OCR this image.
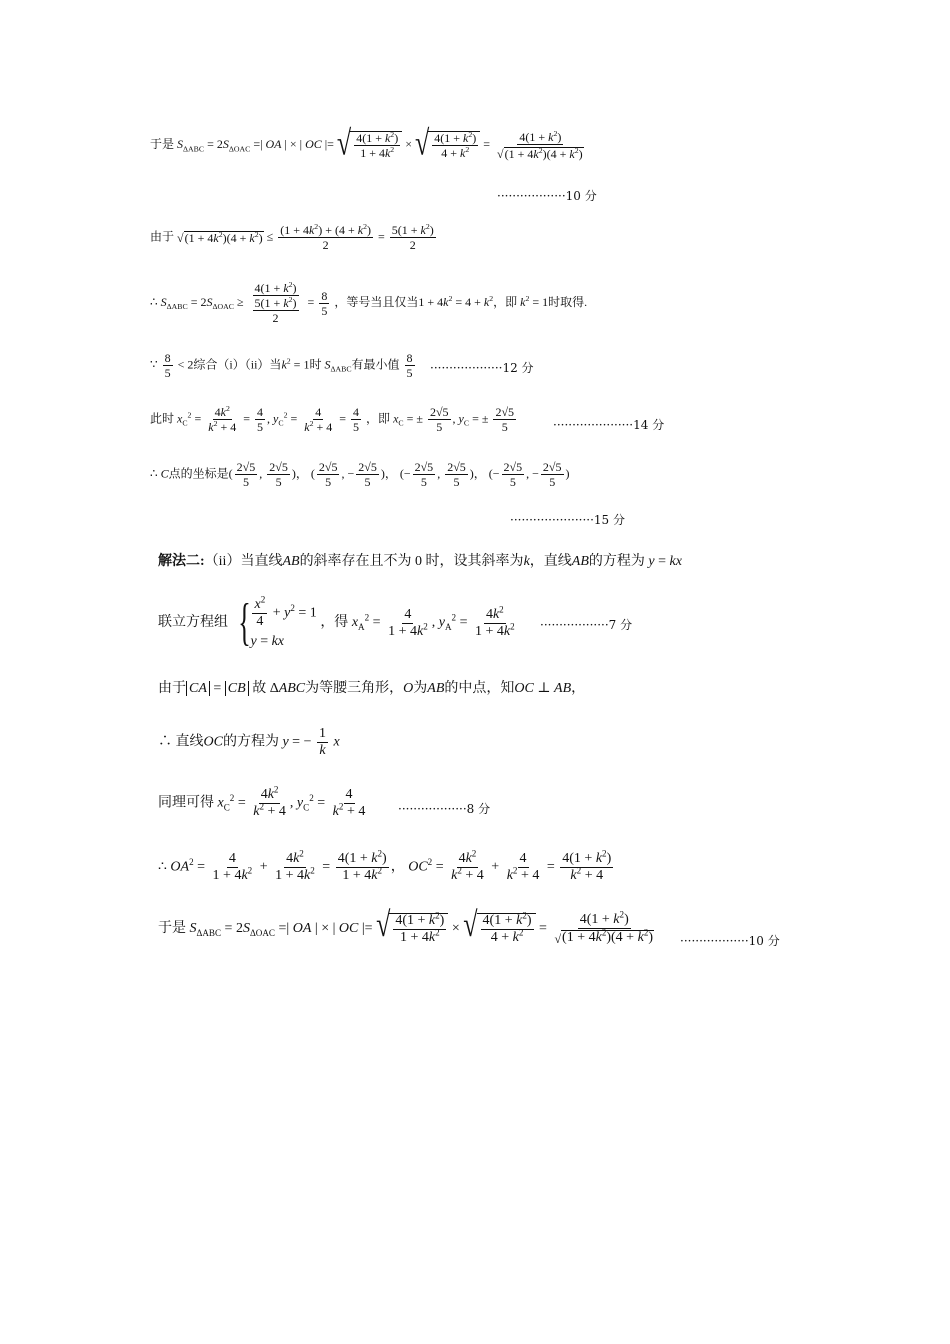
于是 $S_{\Delta ABC} = 2S_{\Delta OAC}$ =| OA | × | OC |= √ $4(1 + k^2)$
$1 + 4k^2$ × √ $4(1 + k^2)$
$4 + k^2 = \frac{4(1 + k^2)}{√ (1 + 4k^2)(4 + k^2)}$
··················10 分
由于 √ $(1 + 4k^2)(4 + k^2) \le \frac{(1 + 4k^2) + (4 + k^2)}{2} = \frac{5(1 + k^2)}{2}$
∴ $S_{\Delta ABC} = 2S_{\Delta OAC} \ge \frac{4(1 + k^2)}{\frac{5(1 + k^2)}{2}} = \frac{8}{5}$ ，等号当且仅当$1 + 4k^2 = 4 + k^2$，即 $k^2 = 1$时取得.
∵ $\frac{8}{5} < 2$综合（i）（ii）当$k^2 = 1$时 $S_{\Delta ABC}$有最小值 $\frac{8}{5} \cdot\cdot\cdot\cdot\cdot\cdot\cdot\cdot\cdot\cdot\cdot\cdot\cdot\cdot\cdot\cdot\cdot\cdot\cdot 12$ 分
此时 $x_C^2 = \frac{4k^2}{k^2 + 4} = \frac{4}{5}$ , $y_C^2 = \frac{4}{k^2 + 4} = \frac{4}{5}$ ，即 $x_C$ = ± $\frac{2√5}{5}$ , $y_C$ = ± $\frac{2√5}{5}$	·····················14 分
∴ C点的坐标是( $\frac{2√5}{5}$ , $\frac{2√5}{5}$ )， ( $\frac{2√5}{5}$ , − $\frac{2√5}{5}$ )， (− $\frac{2√5}{5}$ , $\frac{2√5}{5}$ )， (− $\frac{2√5}{5}$ , − $\frac{2√5}{5}$ )
······················15 分
解法二:（ii）当直线AB的斜率存在且不为 0 时，设其斜率为k，直线AB的方程为 y = kx
联立方程组 { $\frac{x^2}{4} + y^2 = 1$
y = kx
，得 $x_A^2 = \frac{4}{1 + 4k^2}$ , $y_A^2 = \frac{4k^2}{1 + 4k^2} \cdot\cdot\cdot\cdot\cdot\cdot\cdot\cdot\cdot\cdot\cdot\cdot\cdot\cdot\cdot\cdot\cdot\cdot 7$ 分
由于 CA = CB 故 ΔABC为等腰三角形，O为AB的中点，知OC ⊥ AB，
∴ 直线OC的方程为 y = − $\frac{1}{k}$ x
同理可得 $x_C^2 = \frac{4k^2}{k^2 + 4}$ , $y_C^2 = \frac{4}{k^2 + 4}$	··················8 分
∴ $OA^2 = \frac{4}{1 + 4k^2} + \frac{4k^2}{1 + 4k^2} = \frac{4(1 + k^2)}{1 + 4k^2}$ ， $OC^2 = \frac{4k^2}{k^2 + 4} + \frac{4}{k^2 + 4} = \frac{4(1 + k^2)}{k^2 + 4}$
于是 $S_{\Delta ABC} = 2S_{\Delta OAC}$ =| OA | × | OC |= √ $4(1 + k^2)$
$1 + 4k^2$ × √ $4(1 + k^2)$
$4 + k^2 = \frac{4(1 + k^2)}{√ (1 + 4k^2)(4 + k^2)} \cdot\cdot\cdot\cdot\cdot\cdot\cdot\cdot\cdot\cdot\cdot\cdot\cdot\cdot\cdot\cdot\cdot\cdot 10$ 分
